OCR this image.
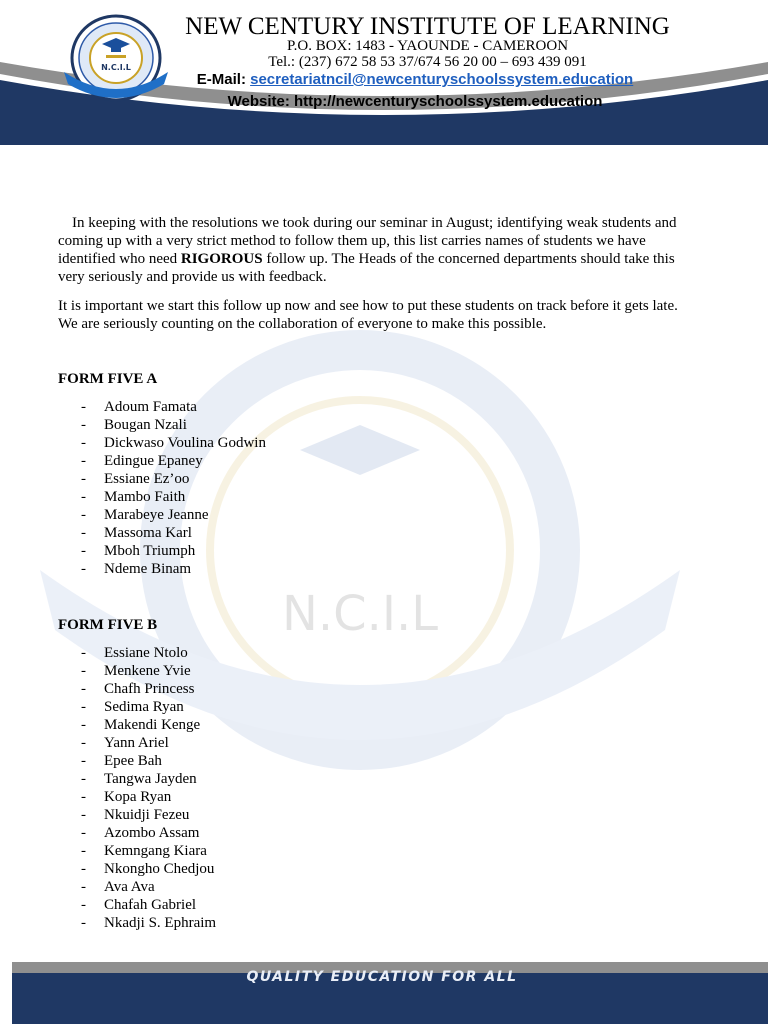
N.C.I.L
NEW CENTURY INSTITUTE OF LEARNING
P.O. BOX: 1483 - YAOUNDE - CAMEROON
Tel.: (237) 672 58 53 37/674 56 20 00 – 693 439 091
E-Mail: secretariatncil@newcenturyschoolssystem.education
Website: http://newcenturyschoolssystem.education
N.C.I.L

In keeping with the resolutions we took during our seminar in August; identifying weak students and coming up with a very strict method to follow them up, this list carries names of students we have identified who need RIGOROUS follow up. The Heads of the concerned departments should take this very seriously and provide us with feedback.

It is important we start this follow up now and see how to put these students on track before it gets late. We are seriously counting on the collaboration of everyone to make this possible.

FORM FIVE A
- Adoum Famata
- Bougan Nzali
- Dickwaso Voulina Godwin
- Edingue Epaney
- Essiane Ez’oo
- Mambo Faith
- Marabeye Jeanne
- Massoma Karl
- Mboh Triumph
- Ndeme Binam
FORM FIVE B
- Essiane Ntolo
- Menkene Yvie
- Chafh Princess
- Sedima Ryan
- Makendi Kenge
- Yann Ariel
- Epee Bah
- Tangwa Jayden
- Kopa Ryan
- Nkuidji Fezeu
- Azombo Assam
- Kemngang Kiara
- Nkongho Chedjou
- Ava Ava
- Chafah Gabriel
- Nkadji S. Ephraim
QUALITY EDUCATION FOR ALL
